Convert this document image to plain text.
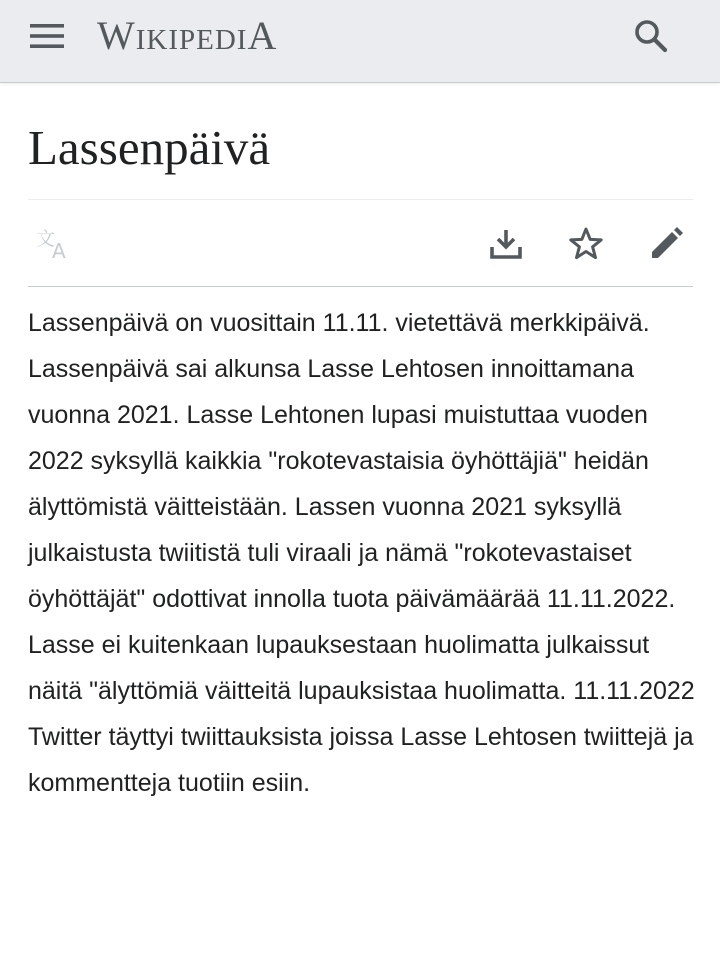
WIKIPEDIA
Lassenpäivä
文
A

Lassenpäivä on vuosittain 11.11. vietettävä merkkipäivä. Lassenpäivä sai alkunsa Lasse Lehtosen innoittamana vuonna 2021. Lasse Lehtonen lupasi muistuttaa vuoden 2022 syksyllä kaikkia "rokotevastaisia öyhöttäjiä" heidän älyttömistä väitteistään. Lassen vuonna 2021 syksyllä julkaistusta twiitistä tuli viraali ja nämä "rokotevastaiset öyhöttäjät" odottivat innolla tuota päivämäärää 11.11.2022. Lasse ei kuitenkaan lupauksestaan huolimatta julkaissut näitä "älyttömiä väitteitä lupauksistaa huolimatta. 11.11.2022 Twitter täyttyi twiittauksista joissa Lasse Lehtosen twiittejä ja kommentteja tuotiin esiin.
